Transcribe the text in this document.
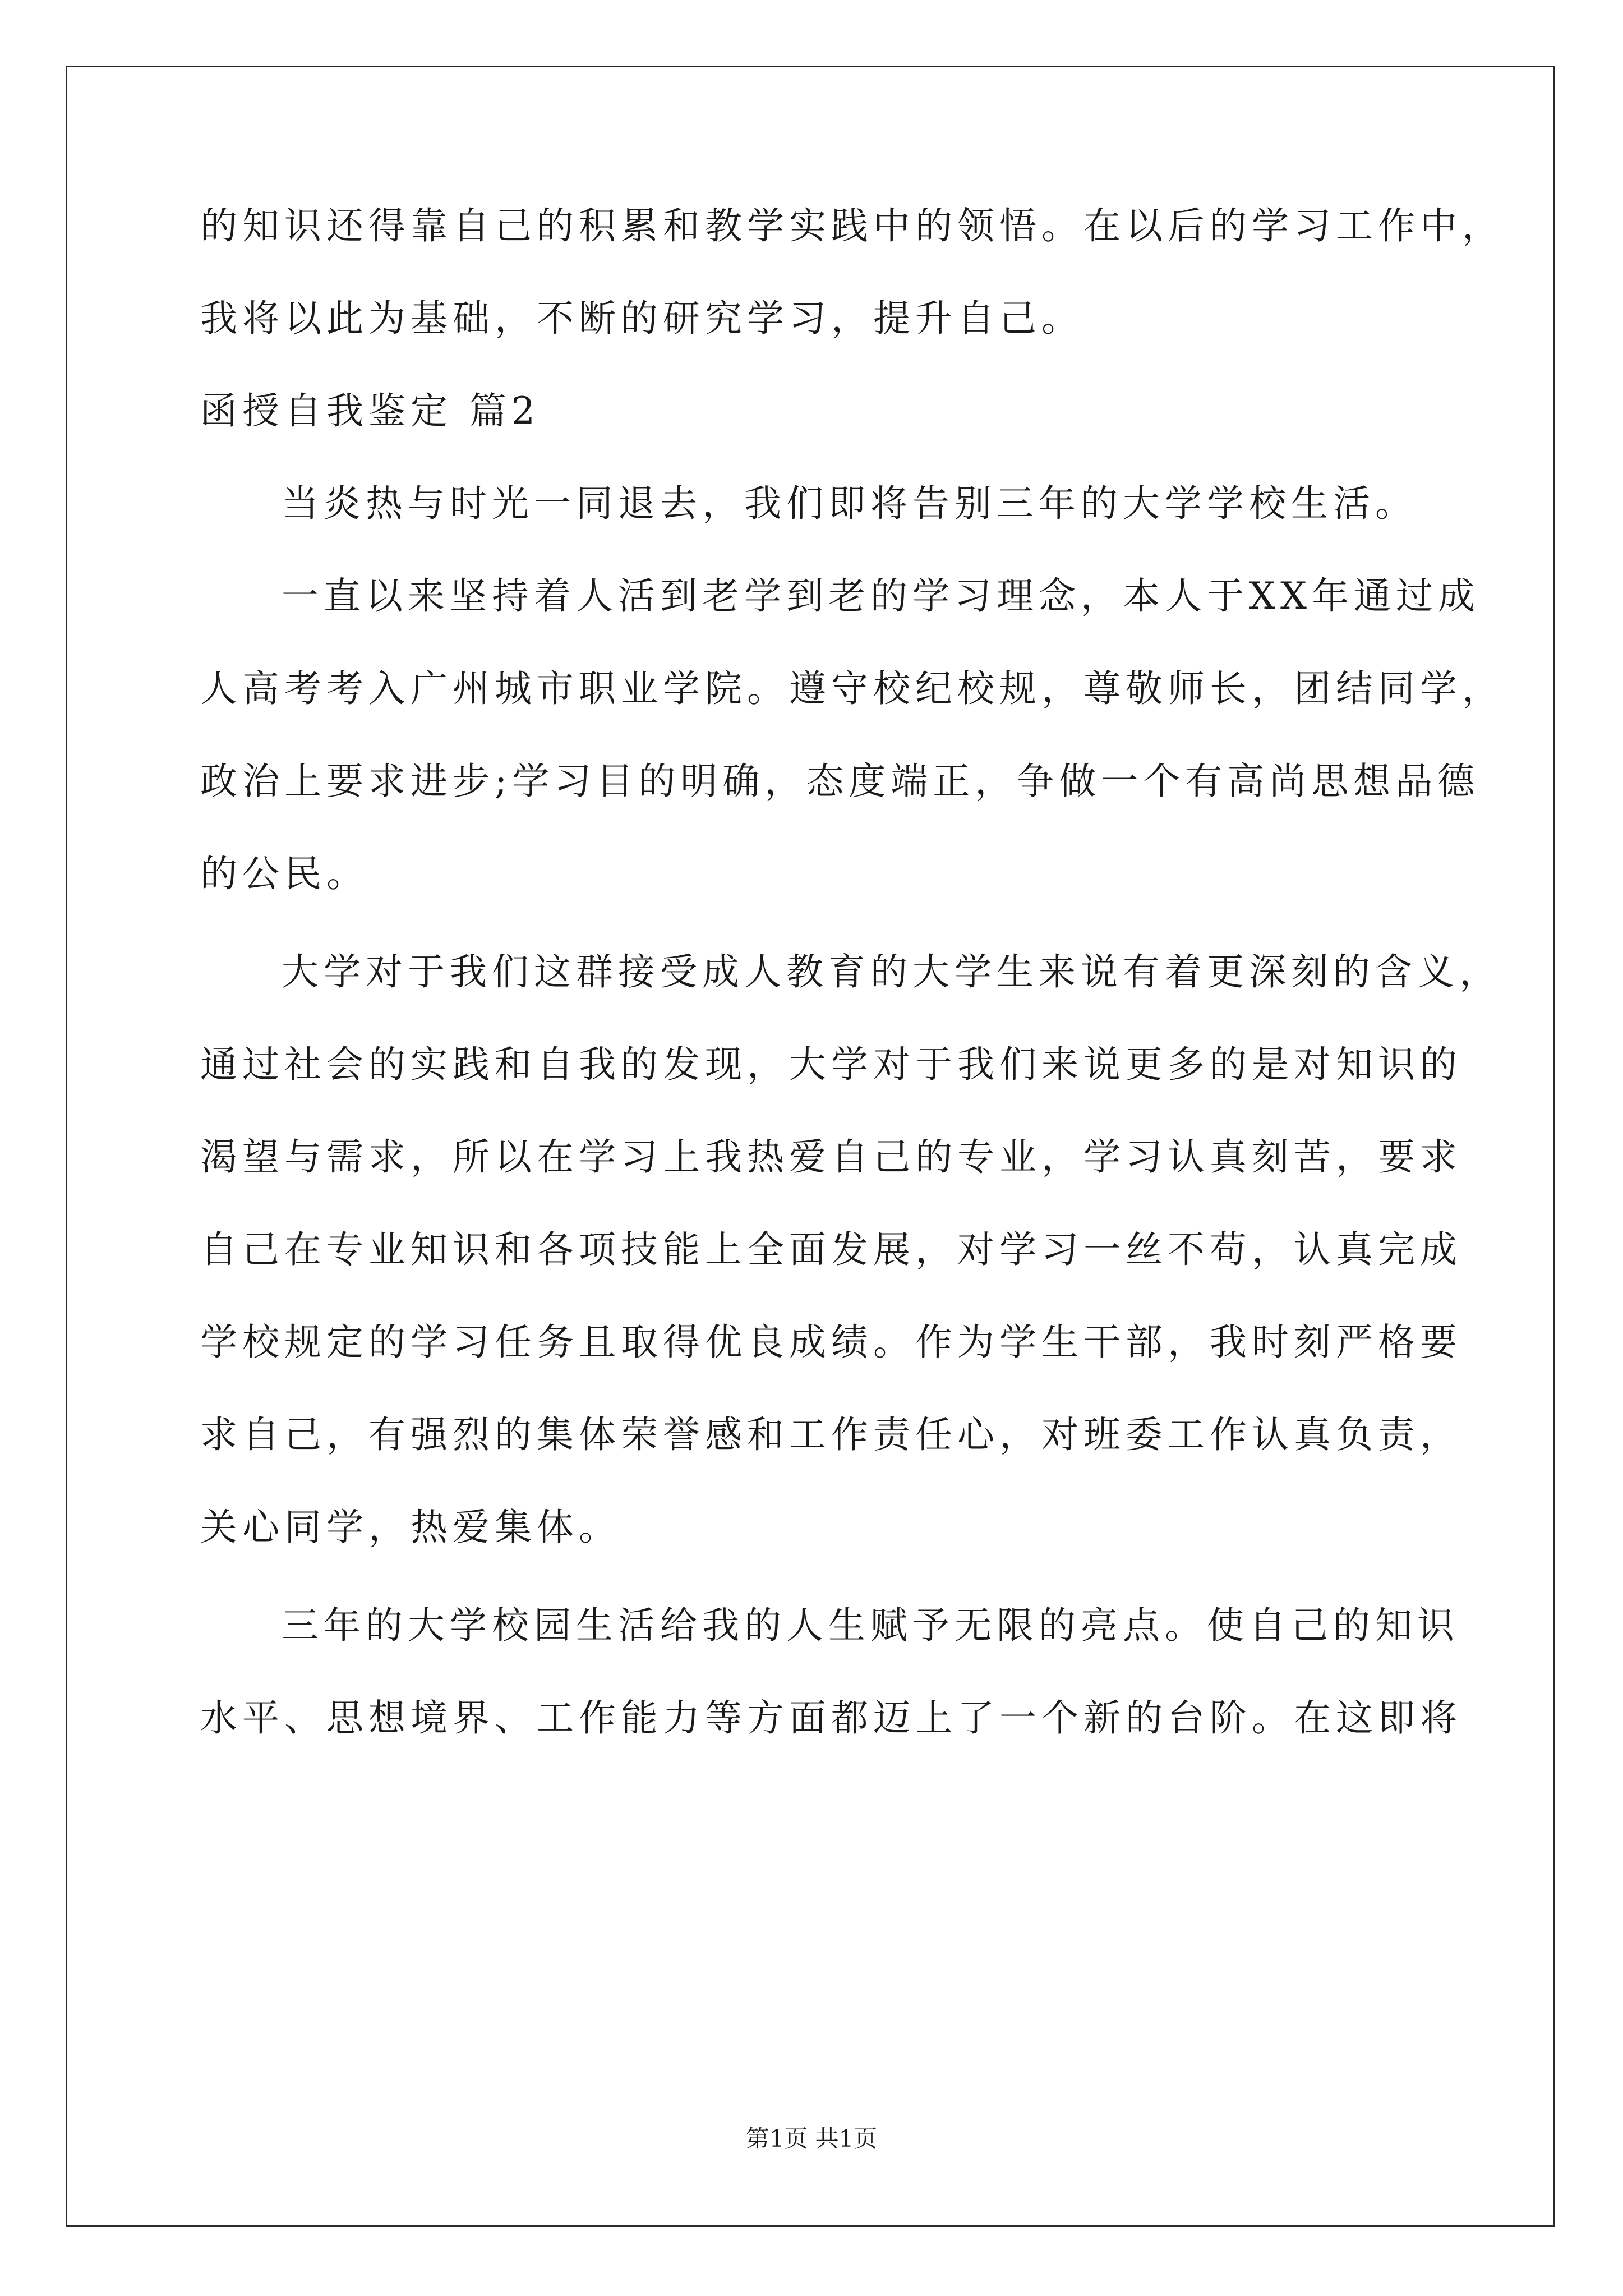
的知识还得靠自己的积累和教学实践中的领悟。在以后的学习工作中，
我将以此为基础，不断的研究学习，提升自己。
函授自我鉴定 篇2
当炎热与时光一同退去，我们即将告别三年的大学学校生活。
一直以来坚持着人活到老学到老的学习理念，本人于XX年通过成
人高考考入广州城市职业学院。遵守校纪校规，尊敬师长，团结同学，
政治上要求进步;学习目的明确，态度端正，争做一个有高尚思想品德
的公民。
大学对于我们这群接受成人教育的大学生来说有着更深刻的含义，
通过社会的实践和自我的发现，大学对于我们来说更多的是对知识的
渴望与需求，所以在学习上我热爱自己的专业，学习认真刻苦，要求
自己在专业知识和各项技能上全面发展，对学习一丝不苟，认真完成
学校规定的学习任务且取得优良成绩。作为学生干部，我时刻严格要
求自己，有强烈的集体荣誉感和工作责任心，对班委工作认真负责，
关心同学，热爱集体。
三年的大学校园生活给我的人生赋予无限的亮点。使自己的知识
水平、思想境界、工作能力等方面都迈上了一个新的台阶。在这即将
第1页 共1页
